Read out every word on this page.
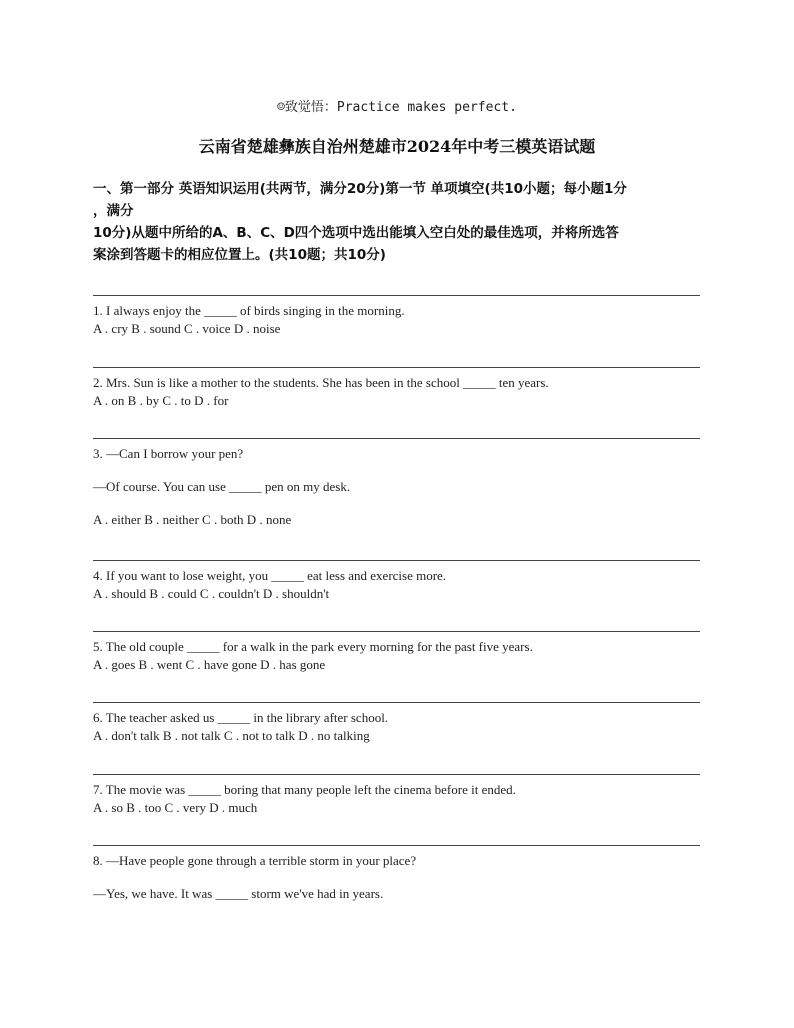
☺致觉悟：Practice makes perfect.
云南省楚雄彝族自治州楚雄市2024年中考三模英语试题
一、第一部分 英语知识运用(共两节，满分20分)第一节 单项填空(共10小题；每小题1分
，满分
10分)从题中所给的A、B、C、D四个选项中选出能填入空白处的最佳选项，并将所选答
案涂到答题卡的相应位置上。(共10题；共10分)

1. I always enjoy the _____ of birds singing in the morning.

A . cry B . sound C . voice D . noise

2. Mrs. Sun is like a mother to the students. She has been in the school _____ ten years.

A . on B . by C . to D . for

3. —Can I borrow your pen?

—Of course. You can use _____ pen on my desk.

A . either B . neither C . both D . none

4. If you want to lose weight, you _____ eat less and exercise more.

A . should B . could C . couldn't D . shouldn't

5. The old couple _____ for a walk in the park every morning for the past five years.

A . goes B . went C . have gone D . has gone

6. The teacher asked us _____ in the library after school.

A . don't talk B . not talk C . not to talk D . no talking

7. The movie was _____ boring that many people left the cinema before it ended.

A . so B . too C . very D . much

8. —Have people gone through a terrible storm in your place?

—Yes, we have. It was _____ storm we've had in years.
